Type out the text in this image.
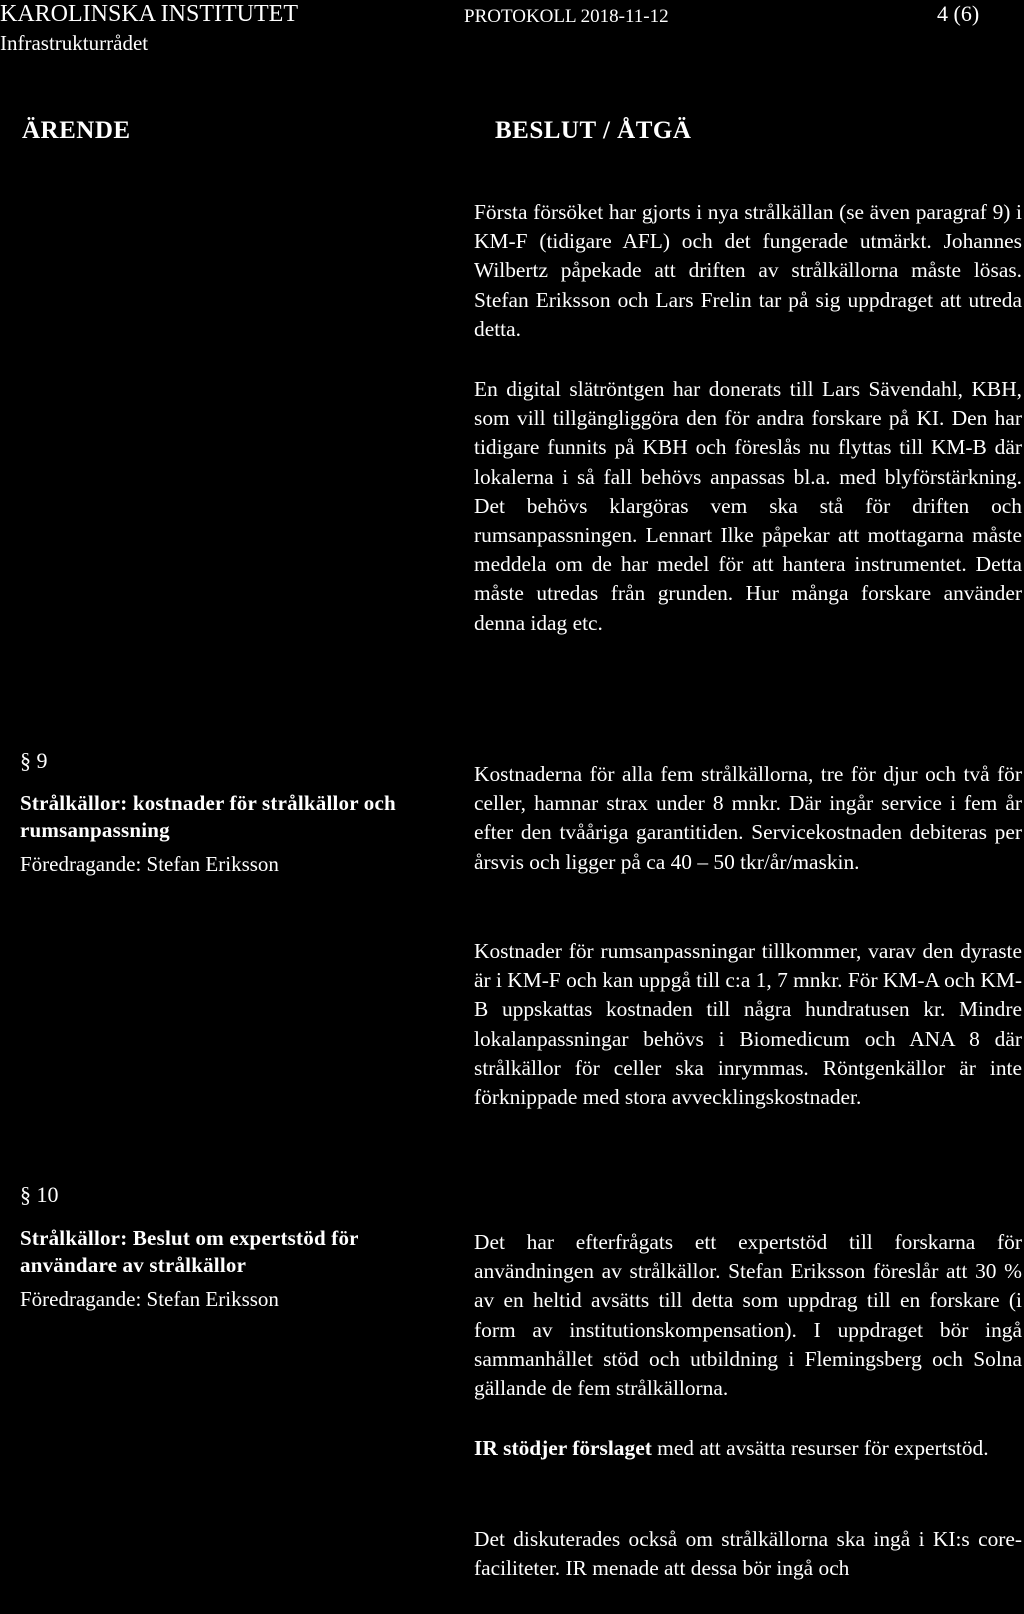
KAROLINSKA INSTITUTET
Infrastrukturrådet
PROTOKOLL 2018-11-12	4 (6)
ÄRENDE	BESLUT / ÅTGÄ
Första försöket har gjorts i nya strålkällan (se även paragraf 9) i KM-F (tidigare AFL) och det fungerade utmärkt. Johannes Wilbertz påpekade att driften av strålkällorna måste lösas. Stefan Eriksson och Lars Frelin tar på sig uppdraget att utreda detta.
En digital slätröntgen har donerats till Lars Sävendahl, KBH, som vill tillgängliggöra den för andra forskare på KI. Den har tidigare funnits på KBH och föreslås nu flyttas till KM-B där lokalerna i så fall behövs anpassas bl.a. med blyförstärkning. Det behövs klargöras vem ska stå för driften och rumsanpassningen. Lennart Ilke påpekar att mottagarna måste meddela om de har medel för att hantera instrumentet. Detta måste utredas från grunden. Hur många forskare använder denna idag etc.
§ 9
Strålkällor: kostnader för strålkällor och rumsanpassning
Föredragande: Stefan Eriksson
Kostnaderna för alla fem strålkällorna, tre för djur och två för celler, hamnar strax under 8 mnkr. Där ingår service i fem år efter den tvååriga garantitiden. Servicekostnaden debiteras per årsvis och ligger på ca 40 – 50 tkr/år/maskin.
Kostnader för rumsanpassningar tillkommer, varav den dyraste är i KM-F och kan uppgå till c:a 1, 7 mnkr. För KM-A och KM-B uppskattas kostnaden till några hundratusen kr. Mindre lokalanpassningar behövs i Biomedicum och ANA 8 där strålkällor för celler ska inrymmas. Röntgenkällor är inte förknippade med stora avvecklingskostnader.
§ 10
Strålkällor: Beslut om expertstöd för användare av strålkällor
Föredragande: Stefan Eriksson
Det har efterfrågats ett expertstöd till forskarna för användningen av strålkällor. Stefan Eriksson föreslår att 30 % av en heltid avsätts till detta som uppdrag till en forskare (i form av institutionskompensation). I uppdraget bör ingå sammanhållet stöd och utbildning i Flemingsberg och Solna gällande de fem strålkällorna.
IR stödjer förslaget med att avsätta resurser för expertstöd.
Det diskuterades också om strålkällorna ska ingå i KI:s core-faciliteter. IR menade att dessa bör ingå och
